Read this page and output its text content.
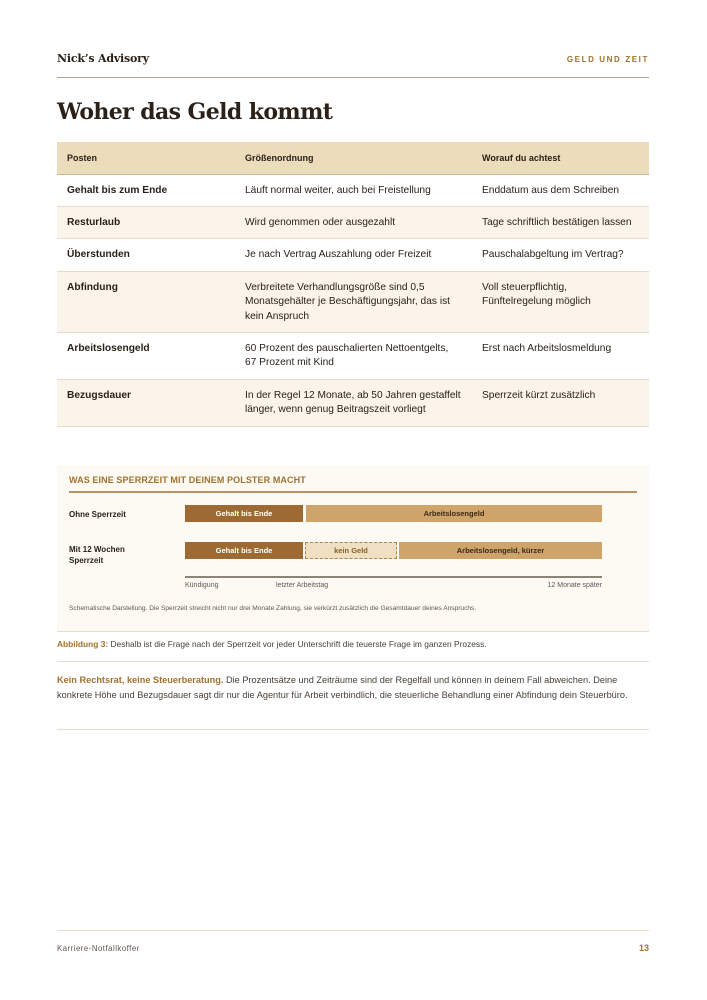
Nick’s Advisory	GELD UND ZEIT
Woher das Geld kommt
Posten	Größenordnung	Worauf du achtest
Gehalt bis zum Ende	Läuft normal weiter, auch bei Freistellung	Enddatum aus dem Schreiben
Resturlaub	Wird genommen oder ausgezahlt	Tage schriftlich bestätigen lassen
Überstunden	Je nach Vertrag Auszahlung oder Freizeit	Pauschalabgeltung im Vertrag?
Abfindung	Verbreitete Verhandlungsgröße sind 0,5 Monatsgehälter je Beschäftigungsjahr, das ist kein Anspruch	Voll steuerpflichtig, Fünftelregelung möglich
Arbeitslosengeld	60 Prozent des pauschalierten Nettoentgelts, 67 Prozent mit Kind	Erst nach Arbeitslosmeldung
Bezugsdauer	In der Regel 12 Monate, ab 50 Jahren gestaffelt länger, wenn genug Beitragszeit vorliegt	Sperrzeit kürzt zusätzlich
WAS EINE SPERRZEIT MIT DEINEM POLSTER MACHT
Ohne Sperrzeit	Gehalt bis Ende	Arbeitslosengeld
Mit 12 Wochen Sperrzeit
Gehalt bis Ende	kein Geld	Arbeitslosengeld, kürzer
Kündigung	letzter Arbeitstag	12 Monate später
Schematische Darstellung. Die Sperrzeit streicht nicht nur drei Monate Zahlung, sie verkürzt zusätzlich die Gesamtdauer deines Anspruchs.
Abbildung 3: Deshalb ist die Frage nach der Sperrzeit vor jeder Unterschrift die teuerste Frage im ganzen Prozess.
Kein Rechtsrat, keine Steuerberatung. Die Prozentsätze und Zeiträume sind der Regelfall und können in deinem Fall abweichen. Deine konkrete Höhe und Bezugsdauer sagt dir nur die Agentur für Arbeit verbindlich, die steuerliche Behandlung einer Abfindung dein Steuerbüro.
Karriere-Notfallkoffer	13
